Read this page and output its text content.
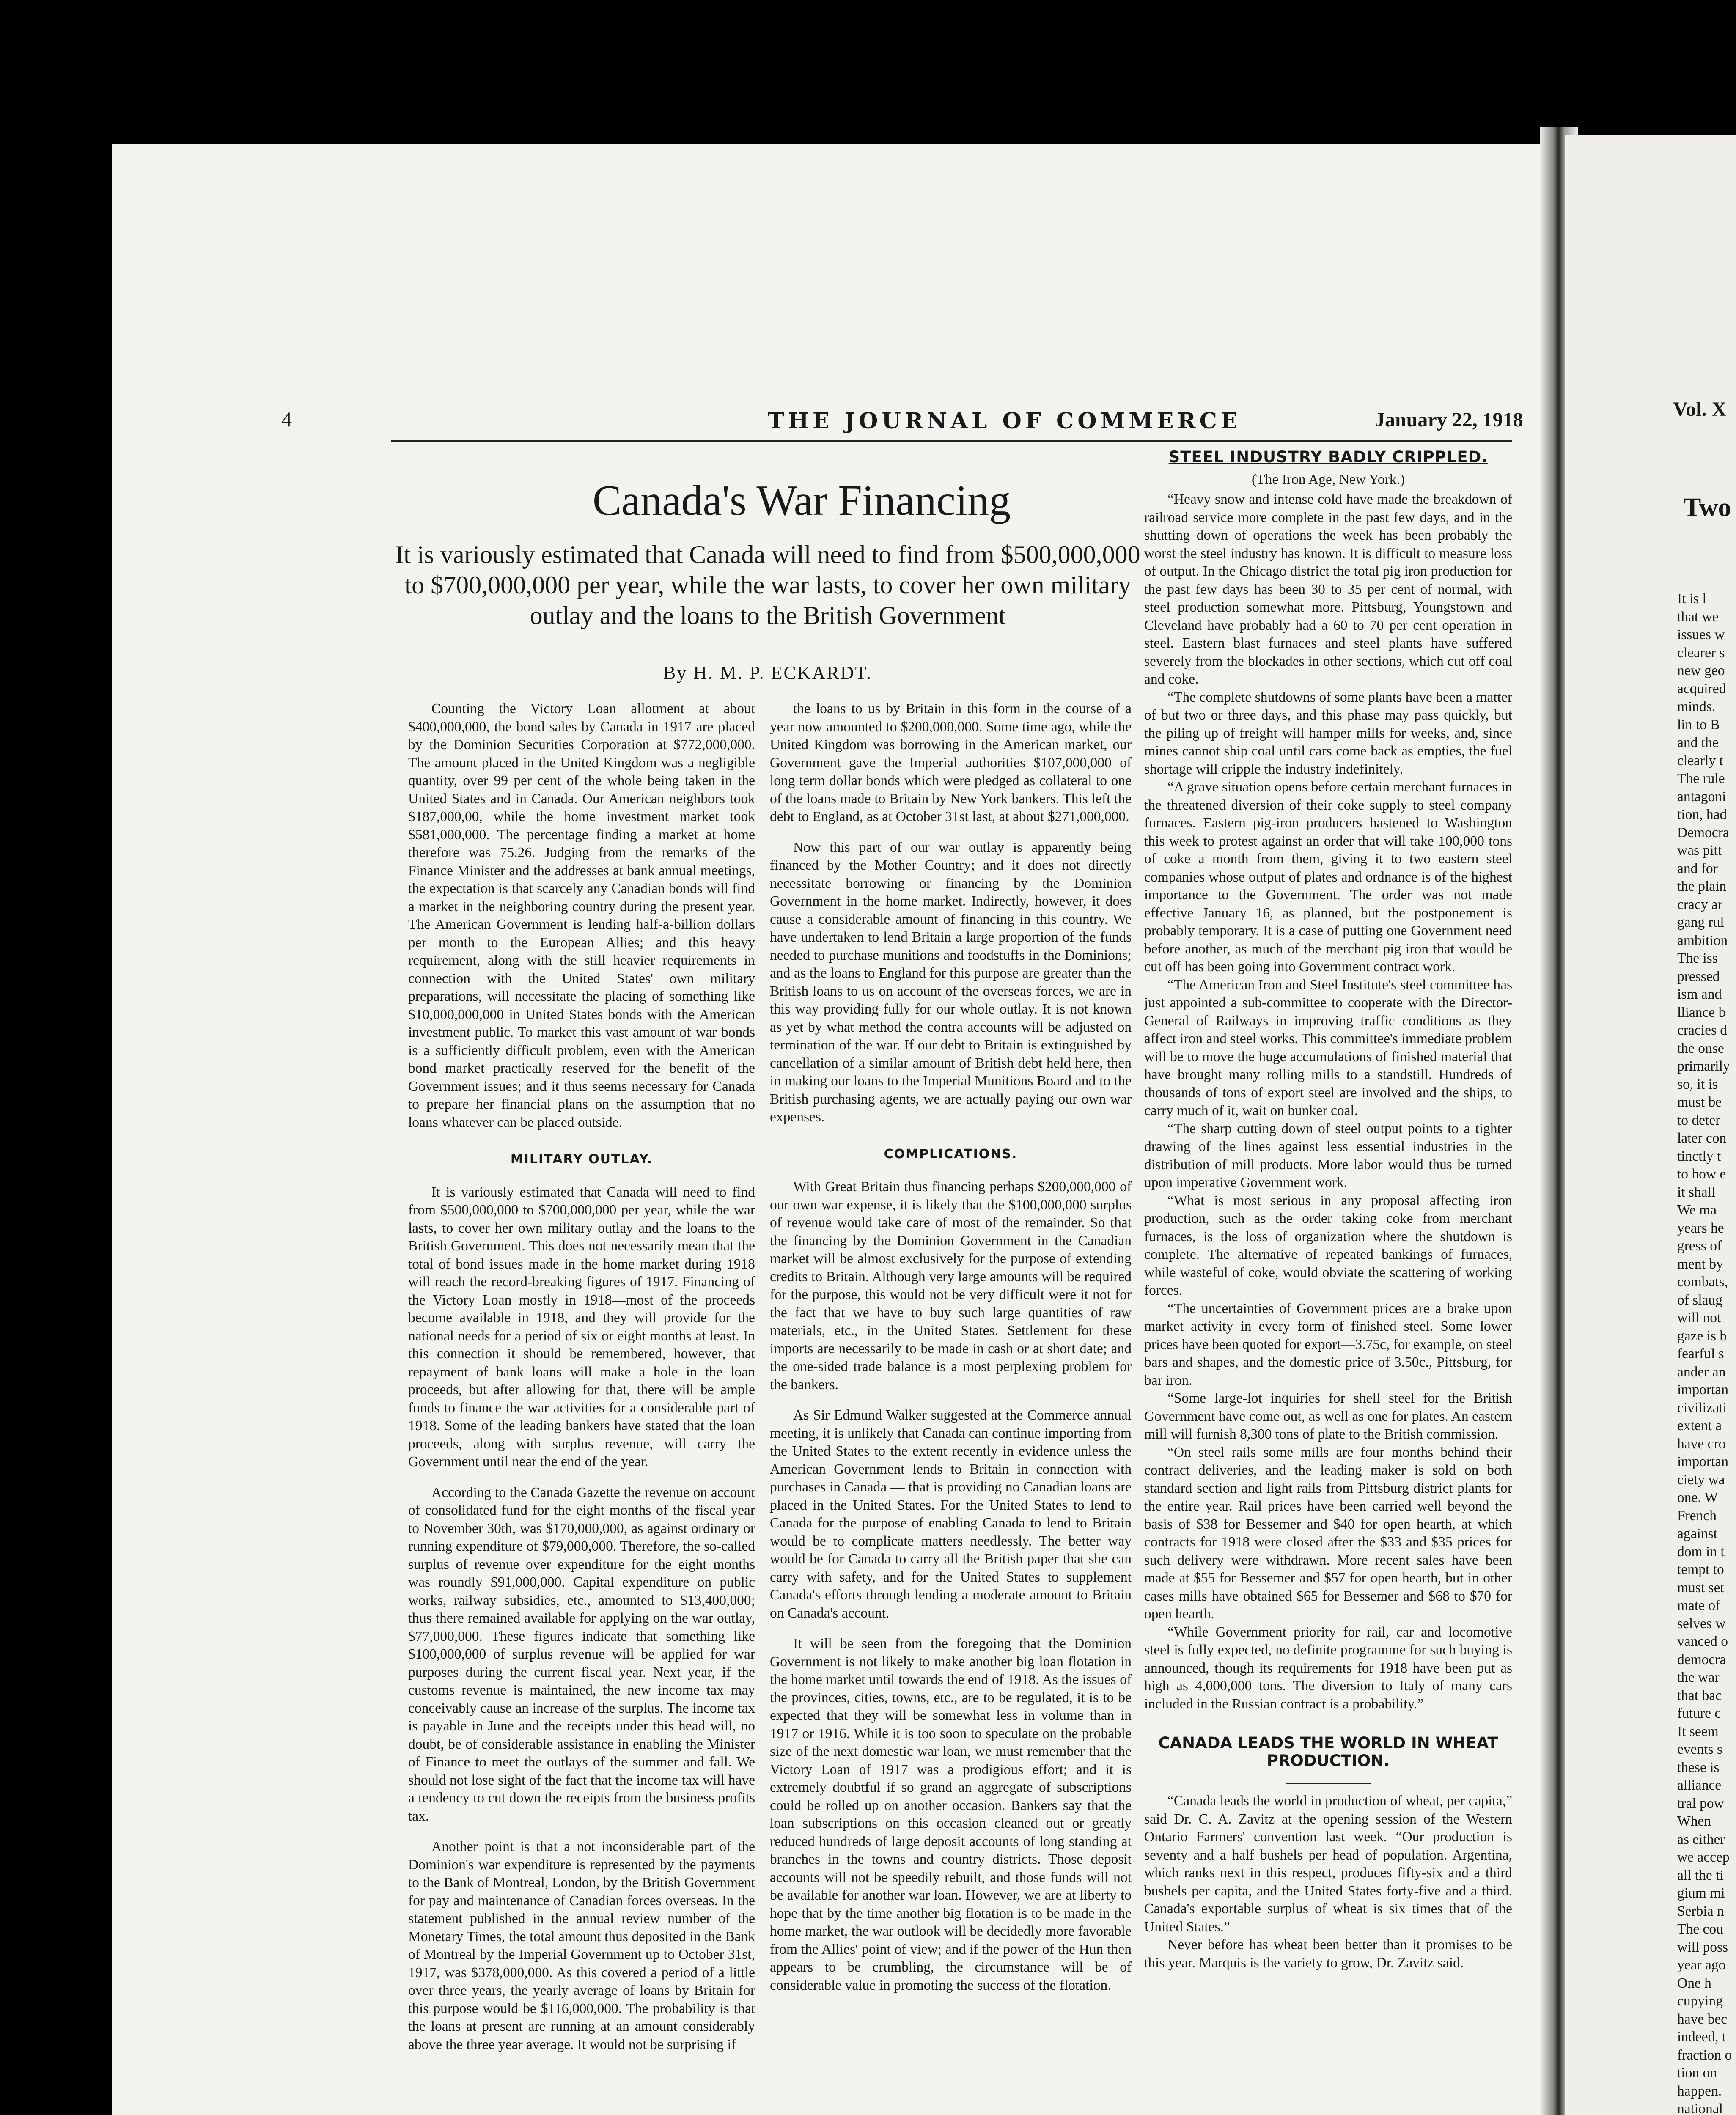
4	THE JOURNAL OF COMMERCE	January 22, 1918
Canada's War Financing
It is variously estimated that Canada will need to find from $500,000,000 to $700,000,000 per year, while the war lasts, to cover her own military outlay and the loans to the British Government
By H. M. P. ECKARDT.

Counting the Victory Loan allotment at about $400,000,000, the bond sales by Canada in 1917 are placed by the Dominion Securities Corporation at $772,000,000. The amount placed in the United Kingdom was a negligible quantity, over 99 per cent of the whole being taken in the United States and in Canada. Our American neighbors took $187,000,00, while the home investment market took $581,000,000. The percentage finding a market at home therefore was 75.26. Judging from the remarks of the Finance Minister and the addresses at bank annual meetings, the expectation is that scarcely any Canadian bonds will find a market in the neighboring country during the present year. The American Government is lending half-a-billion dollars per month to the European Allies; and this heavy requirement, along with the still heavier requirements in connection with the United States' own military preparations, will necessitate the placing of something like $10,000,000,000 in United States bonds with the American investment public. To market this vast amount of war bonds is a sufficiently difficult problem, even with the American bond market practically reserved for the benefit of the Government issues; and it thus seems necessary for Canada to prepare her financial plans on the assumption that no loans whatever can be placed outside.

MILITARY OUTLAY.

It is variously estimated that Canada will need to find from $500,000,000 to $700,000,000 per year, while the war lasts, to cover her own military outlay and the loans to the British Government. This does not necessarily mean that the total of bond issues made in the home market during 1918 will reach the record-breaking figures of 1917. Financing of the Victory Loan mostly in 1918—most of the proceeds become available in 1918, and they will provide for the national needs for a period of six or eight months at least. In this connection it should be remembered, however, that repayment of bank loans will make a hole in the loan proceeds, but after allowing for that, there will be ample funds to finance the war activities for a considerable part of 1918. Some of the leading bankers have stated that the loan proceeds, along with surplus revenue, will carry the Government until near the end of the year.

According to the Canada Gazette the revenue on account of consolidated fund for the eight months of the fiscal year to November 30th, was $170,000,000, as against ordinary or running expenditure of $79,000,000. Therefore, the so-called surplus of revenue over expenditure for the eight months was roundly $91,000,000. Capital expenditure on public works, railway subsidies, etc., amounted to $13,400,000; thus there remained available for applying on the war outlay, $77,000,000. These figures indicate that something like $100,000,000 of surplus revenue will be applied for war purposes during the current fiscal year. Next year, if the customs revenue is maintained, the new income tax may conceivably cause an increase of the surplus. The income tax is payable in June and the receipts under this head will, no doubt, be of considerable assistance in enabling the Minister of Finance to meet the outlays of the summer and fall. We should not lose sight of the fact that the income tax will have a tendency to cut down the receipts from the business profits tax.

Another point is that a not inconsiderable part of the Dominion's war expenditure is represented by the payments to the Bank of Montreal, London, by the British Government for pay and maintenance of Canadian forces overseas. In the statement published in the annual review number of the Monetary Times, the total amount thus deposited in the Bank of Montreal by the Imperial Government up to October 31st, 1917, was $378,000,000. As this covered a period of a little over three years, the yearly average of loans by Britain for this purpose would be $116,000,000. The probability is that the loans at present are running at an amount considerably above the three year average. It would not be surprising if

the loans to us by Britain in this form in the course of a year now amounted to $200,000,000. Some time ago, while the United Kingdom was borrowing in the American market, our Government gave the Imperial authorities $107,000,000 of long term dollar bonds which were pledged as collateral to one of the loans made to Britain by New York bankers. This left the debt to England, as at October 31st last, at about $271,000,000.

Now this part of our war outlay is apparently being financed by the Mother Country; and it does not directly necessitate borrowing or financing by the Dominion Government in the home market. Indirectly, however, it does cause a considerable amount of financing in this country. We have undertaken to lend Britain a large proportion of the funds needed to purchase munitions and foodstuffs in the Dominions; and as the loans to England for this purpose are greater than the British loans to us on account of the overseas forces, we are in this way providing fully for our whole outlay. It is not known as yet by what method the contra accounts will be adjusted on termination of the war. If our debt to Britain is extinguished by cancellation of a similar amount of British debt held here, then in making our loans to the Imperial Munitions Board and to the British purchasing agents, we are actually paying our own war expenses.

COMPLICATIONS.

With Great Britain thus financing perhaps $200,000,000 of our own war expense, it is likely that the $100,000,000 surplus of revenue would take care of most of the remainder. So that the financing by the Dominion Government in the Canadian market will be almost exclusively for the purpose of extending credits to Britain. Although very large amounts will be required for the purpose, this would not be very difficult were it not for the fact that we have to buy such large quantities of raw materials, etc., in the United States. Settlement for these imports are necessarily to be made in cash or at short date; and the one-sided trade balance is a most perplexing problem for the bankers.

As Sir Edmund Walker suggested at the Commerce annual meeting, it is unlikely that Canada can continue importing from the United States to the extent recently in evidence unless the American Government lends to Britain in connection with purchases in Canada — that is providing no Canadian loans are placed in the United States. For the United States to lend to Canada for the purpose of enabling Canada to lend to Britain would be to complicate matters needlessly. The better way would be for Canada to carry all the British paper that she can carry with safety, and for the United States to supplement Canada's efforts through lending a moderate amount to Britain on Canada's account.

It will be seen from the foregoing that the Dominion Government is not likely to make another big loan flotation in the home market until towards the end of 1918. As the issues of the provinces, cities, towns, etc., are to be regulated, it is to be expected that they will be somewhat less in volume than in 1917 or 1916. While it is too soon to speculate on the probable size of the next domestic war loan, we must remember that the Victory Loan of 1917 was a prodigious effort; and it is extremely doubtful if so grand an aggregate of subscriptions could be rolled up on another occasion. Bankers say that the loan subscriptions on this occasion cleaned out or greatly reduced hundreds of large deposit accounts of long standing at branches in the towns and country districts. Those deposit accounts will not be speedily rebuilt, and those funds will not be available for another war loan. However, we are at liberty to hope that by the time another big flotation is to be made in the home market, the war outlook will be decidedly more favorable from the Allies' point of view; and if the power of the Hun then appears to be crumbling, the circumstance will be of considerable value in promoting the success of the flotation.

STEEL INDUSTRY BADLY CRIPPLED.

(The Iron Age, New York.)

“Heavy snow and intense cold have made the breakdown of railroad service more complete in the past few days, and in the shutting down of operations the week has been probably the worst the steel industry has known. It is difficult to measure loss of output. In the Chicago district the total pig iron production for the past few days has been 30 to 35 per cent of normal, with steel production somewhat more. Pittsburg, Youngstown and Cleveland have probably had a 60 to 70 per cent operation in steel. Eastern blast furnaces and steel plants have suffered severely from the blockades in other sections, which cut off coal and coke.

“The complete shutdowns of some plants have been a matter of but two or three days, and this phase may pass quickly, but the piling up of freight will hamper mills for weeks, and, since mines cannot ship coal until cars come back as empties, the fuel shortage will cripple the industry indefinitely.

“A grave situation opens before certain merchant furnaces in the threatened diversion of their coke supply to steel company furnaces. Eastern pig-iron producers hastened to Washington this week to protest against an order that will take 100,000 tons of coke a month from them, giving it to two eastern steel companies whose output of plates and ordnance is of the highest importance to the Government. The order was not made effective January 16, as planned, but the postponement is probably temporary. It is a case of putting one Government need before another, as much of the merchant pig iron that would be cut off has been going into Government contract work.

“The American Iron and Steel Institute's steel committee has just appointed a sub-committee to cooperate with the Director-General of Railways in improving traffic conditions as they affect iron and steel works. This committee's immediate problem will be to move the huge accumulations of finished material that have brought many rolling mills to a standstill. Hundreds of thousands of tons of export steel are involved and the ships, to carry much of it, wait on bunker coal.

“The sharp cutting down of steel output points to a tighter drawing of the lines against less essential industries in the distribution of mill products. More labor would thus be turned upon imperative Government work.

“What is most serious in any proposal affecting iron production, such as the order taking coke from merchant furnaces, is the loss of organization where the shutdown is complete. The alternative of repeated bankings of furnaces, while wasteful of coke, would obviate the scattering of working forces.

“The uncertainties of Government prices are a brake upon market activity in every form of finished steel. Some lower prices have been quoted for export—3.75c, for example, on steel bars and shapes, and the domestic price of 3.50c., Pittsburg, for bar iron.

“Some large-lot inquiries for shell steel for the British Government have come out, as well as one for plates. An eastern mill will furnish 8,300 tons of plate to the British commission.

“On steel rails some mills are four months behind their contract deliveries, and the leading maker is sold on both standard section and light rails from Pittsburg district plants for the entire year. Rail prices have been carried well beyond the basis of $38 for Bessemer and $40 for open hearth, at which contracts for 1918 were closed after the $33 and $35 prices for such delivery were withdrawn. More recent sales have been made at $55 for Bessemer and $57 for open hearth, but in other cases mills have obtained $65 for Bessemer and $68 to $70 for open hearth.

“While Government priority for rail, car and locomotive steel is fully expected, no definite programme for such buying is announced, though its requirements for 1918 have been put as high as 4,000,000 tons. The diversion to Italy of many cars included in the Russian contract is a probability.”

CANADA LEADS THE WORLD IN WHEAT PRODUCTION.

“Canada leads the world in production of wheat, per capita,” said Dr. C. A. Zavitz at the opening session of the Western Ontario Farmers' convention last week. “Our production is seventy and a half bushels per head of population. Argentina, which ranks next in this respect, produces fifty-six and a third bushels per capita, and the United States forty-five and a third. Canada's exportable surplus of wheat is six times that of the United States.”

Never before has wheat been better than it promises to be this year. Marquis is the variety to grow, Dr. Zavitz said.

Vol. X
Two
It is l
that we
issues w
clearer s
new geo
acquired
minds.
lin to B
and the
clearly t
The rule
antagoni
tion, had
Democra
was pitt
and for
the plain
cracy ar
gang rul
ambition
The iss
pressed
ism and
lliance b
cracies d
the onse
primarily
so, it is
must be
to deter
later con
tinctly t
to how e
it shall
We ma
years he
gress of
ment by
combats,
of slaug
will not
gaze is b
fearful s
ander an
importan
civilizati
extent a
have cro
importan
ciety wa
one. W
French
against
dom in t
tempt to
must set
mate of
selves w
vanced o
democra
the war
that bac
future c
It seem
events s
these is
alliance
tral pow
When
as either
we accep
all the ti
gium mi
Serbia n
The cou
will poss
year ago
One h
cupying
have bec
indeed, t
fraction o
tion on
happen.
national
